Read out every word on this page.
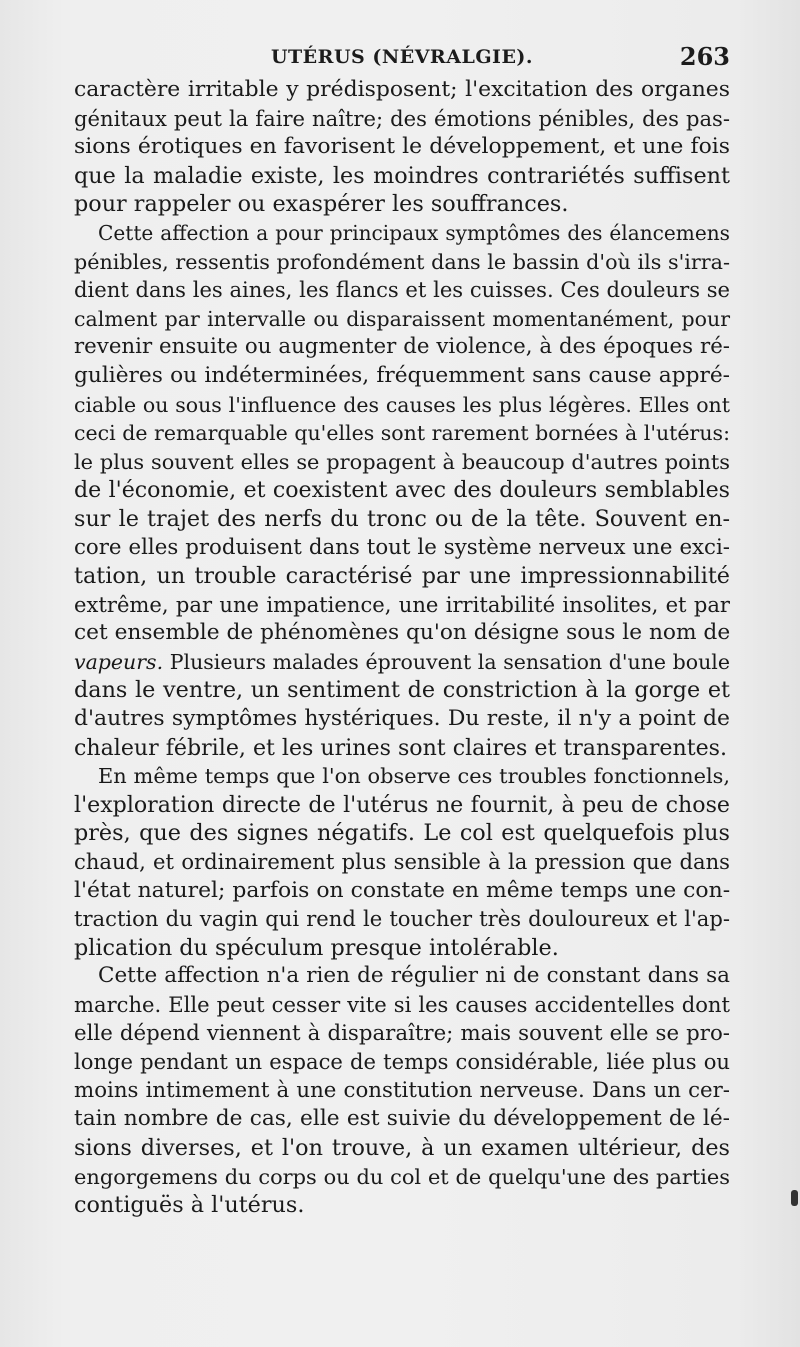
UTÉRUS (NÉVRALGIE).	263
caractère irritable y prédisposent; l'excitation des organes
génitaux peut la faire naître; des émotions pénibles, des pas-
sions érotiques en favorisent le développement, et une fois
que la maladie existe, les moindres contrariétés suffisent
pour rappeler ou exaspérer les souffrances.
Cette affection a pour principaux symptômes des élancemens
pénibles, ressentis profondément dans le bassin d'où ils s'irra-
dient dans les aines, les flancs et les cuisses. Ces douleurs se
calment par intervalle ou disparaissent momentanément, pour
revenir ensuite ou augmenter de violence, à des époques ré-
gulières ou indéterminées, fréquemment sans cause appré-
ciable ou sous l'influence des causes les plus légères. Elles ont
ceci de remarquable qu'elles sont rarement bornées à l'utérus:
le plus souvent elles se propagent à beaucoup d'autres points
de l'économie, et coexistent avec des douleurs semblables
sur le trajet des nerfs du tronc ou de la tête. Souvent en-
core elles produisent dans tout le système nerveux une exci-
tation, un trouble caractérisé par une impressionnabilité
extrême, par une impatience, une irritabilité insolites, et par
cet ensemble de phénomènes qu'on désigne sous le nom de
vapeurs. Plusieurs malades éprouvent la sensation d'une boule
dans le ventre, un sentiment de constriction à la gorge et
d'autres symptômes hystériques. Du reste, il n'y a point de
chaleur fébrile, et les urines sont claires et transparentes.
En même temps que l'on observe ces troubles fonctionnels,
l'exploration directe de l'utérus ne fournit, à peu de chose
près, que des signes négatifs. Le col est quelquefois plus
chaud, et ordinairement plus sensible à la pression que dans
l'état naturel; parfois on constate en même temps une con-
traction du vagin qui rend le toucher très douloureux et l'ap-
plication du spéculum presque intolérable.
Cette affection n'a rien de régulier ni de constant dans sa
marche. Elle peut cesser vite si les causes accidentelles dont
elle dépend viennent à disparaître; mais souvent elle se pro-
longe pendant un espace de temps considérable, liée plus ou
moins intimement à une constitution nerveuse. Dans un cer-
tain nombre de cas, elle est suivie du développement de lé-
sions diverses, et l'on trouve, à un examen ultérieur, des
engorgemens du corps ou du col et de quelqu'une des parties
contiguës à l'utérus.
